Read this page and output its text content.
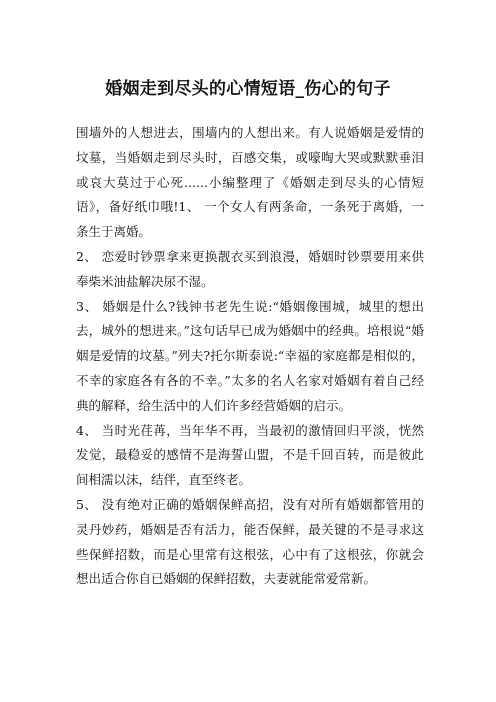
婚姻走到尽头的心情短语_伤心的句子

围墙外的人想进去，围墙内的人想出来。有人说婚姻是爱情的坟墓，当婚姻走到尽头时，百感交集，或嚎啕大哭或默默垂泪或哀大莫过于心死......小编整理了《婚姻走到尽头的心情短语》，备好纸巾哦!1、 一个女人有两条命，一条死于离婚，一条生于离婚。

2、 恋爱时钞票拿来更换靓衣买到浪漫，婚姻时钞票要用来供奉柴米油盐解决尿不湿。

3、 婚姻是什么?钱钟书老先生说:“婚姻像围城，城里的想出去，城外的想进来。”这句话早已成为婚姻中的经典。培根说“婚姻是爱情的坟墓。”列夫?托尔斯泰说:“幸福的家庭都是相似的，不幸的家庭各有各的不幸。”太多的名人名家对婚姻有着自己经典的解释，给生活中的人们许多经营婚姻的启示。

4、 当时光荏苒，当年华不再，当最初的激情回归平淡，恍然发觉，最稳妥的感情不是海誓山盟，不是千回百转，而是彼此间相濡以沫，结伴，直至终老。

5、 没有绝对正确的婚姻保鲜高招，没有对所有婚姻都管用的灵丹妙药，婚姻是否有活力，能否保鲜，最关键的不是寻求这些保鲜招数，而是心里常有这根弦，心中有了这根弦，你就会想出适合你自已婚姻的保鲜招数，夫妻就能常爱常新。
